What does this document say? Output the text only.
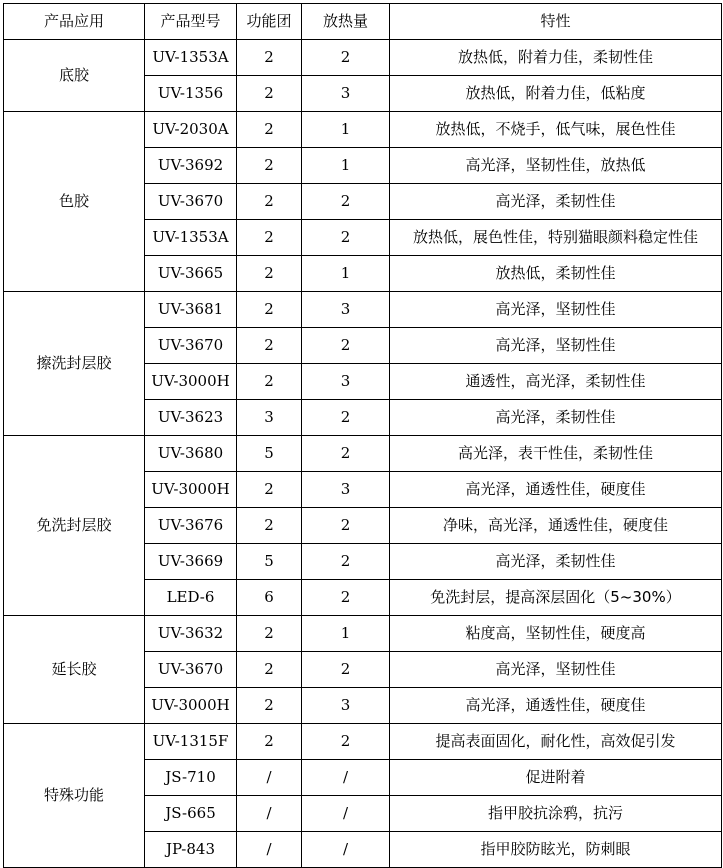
产品应用	产品型号	功能团	放热量	特性
底胶	UV-1353A	2	2	放热低，附着力佳，柔韧性佳
	UV-1356	2	3	放热低，附着力佳，低粘度
色胶	UV-2030A	2	1	放热低，不烧手，低气味，展色性佳
	UV-3692	2	1	高光泽，坚韧性佳，放热低
	UV-3670	2	2	高光泽，柔韧性佳
	UV-1353A	2	2	放热低，展色性佳，特别猫眼颜料稳定性佳
	UV-3665	2	1	放热低，柔韧性佳
擦洗封层胶	UV-3681	2	3	高光泽，坚韧性佳
	UV-3670	2	2	高光泽，坚韧性佳
	UV-3000H	2	3	通透性，高光泽，柔韧性佳
	UV-3623	3	2	高光泽，柔韧性佳
免洗封层胶	UV-3680	5	2	高光泽，表干性佳，柔韧性佳
	UV-3000H	2	3	高光泽，通透性佳，硬度佳
	UV-3676	2	2	净味，高光泽，通透性佳，硬度佳
	UV-3669	5	2	高光泽，柔韧性佳
	LED-6	6	2	免洗封层，提高深层固化（5~30%）
延长胶	UV-3632	2	1	粘度高，坚韧性佳，硬度高
	UV-3670	2	2	高光泽，坚韧性佳
	UV-3000H	2	3	高光泽，通透性佳，硬度佳
特殊功能	UV-1315F	2	2	提高表面固化，耐化性，高效促引发
	JS-710	/	/	促进附着
	JS-665	/	/	指甲胶抗涂鸦，抗污
	JP-843	/	/	指甲胶防眩光，防刺眼
